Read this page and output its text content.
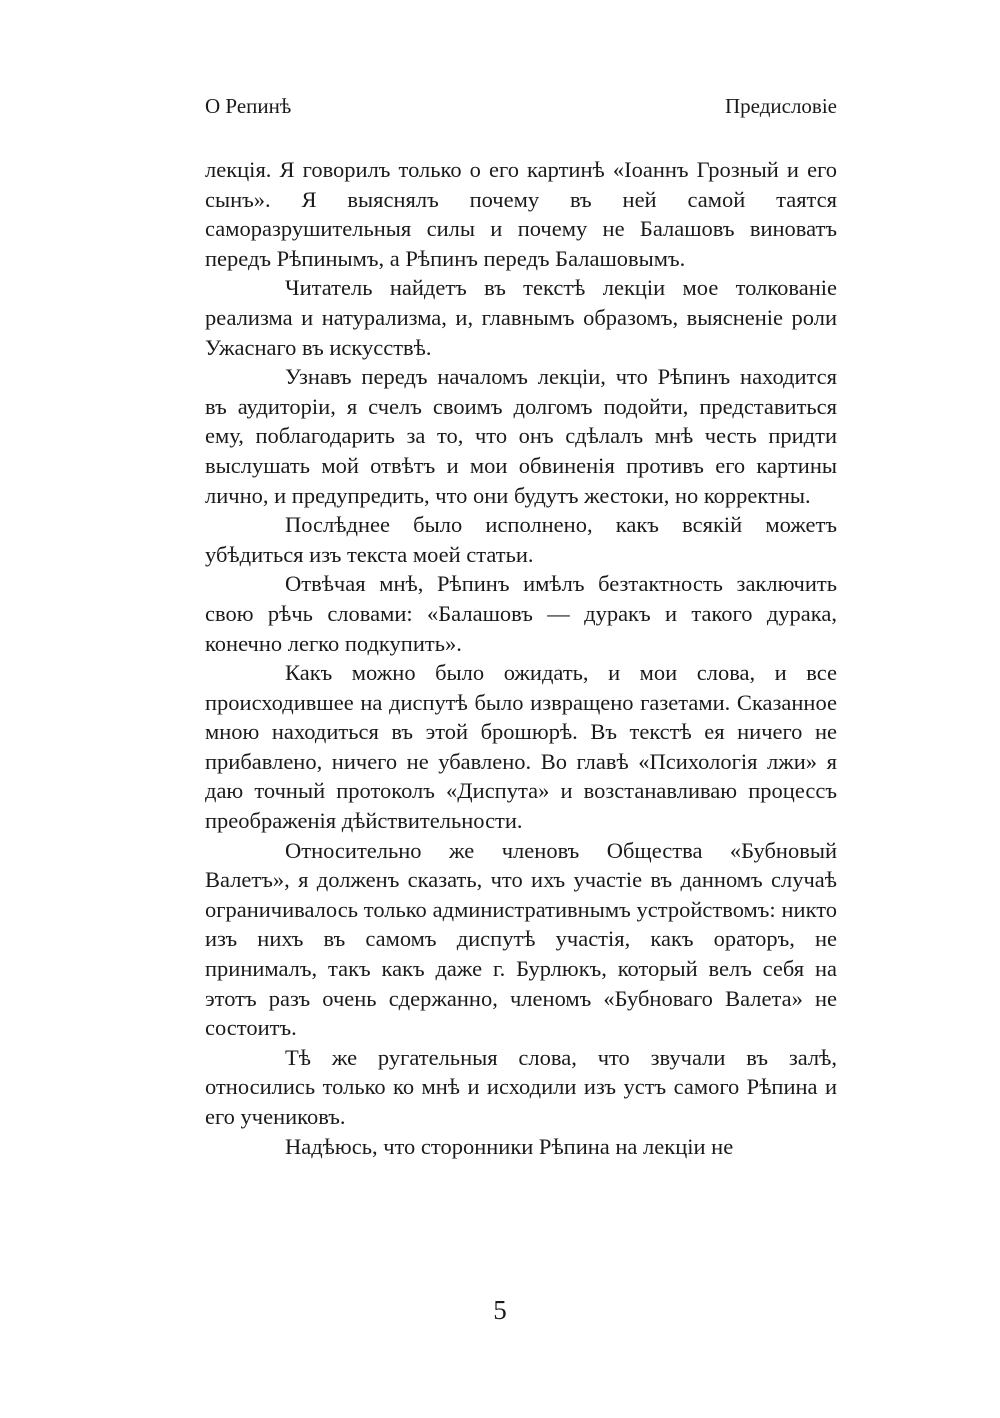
О Репинѣ	Предисловiе

лекцiя. Я говорилъ только о его картинѣ «Iоаннъ Грозный и его сынъ». Я выяснялъ почему въ ней самой таятся саморазрушительныя силы и почему не Балашовъ виноватъ передъ Рѣпинымъ, а Рѣпинъ передъ Балашовымъ.

Читатель найдетъ въ текстѣ лекцiи мое толкованiе реализма и натурализма, и, главнымъ образомъ, выясненiе роли Ужаснаго въ искусствѣ.

Узнавъ передъ началомъ лекцiи, что Рѣпинъ находится въ аудиторiи, я счелъ своимъ долгомъ подойти, представиться ему, поблагодарить за то, что онъ сдѣлалъ мнѣ честь придти выслушать мой отвѣтъ и мои обвиненiя противъ его картины лично, и предупредить, что они будутъ жестоки, но корректны.

Послѣднее было исполнено, какъ всякiй можетъ убѣдиться изъ текста моей статьи.

Отвѣчая мнѣ, Рѣпинъ имѣлъ безтактность заключить свою рѣчь словами: «Балашовъ — дуракъ и такого дурака, конечно легко подкупить».

Какъ можно было ожидать, и мои слова, и все происходившее на диспутѣ было извращено газетами. Сказанное мною находиться въ этой брошюрѣ. Въ текстѣ ея ничего не прибавлено, ничего не убавлено. Во главѣ «Психологiя лжи» я даю точный протоколъ «Диспута» и возстанавливаю процессъ преображенiя дѣйствительности.

Относительно же членовъ Общества «Бубновый Валетъ», я долженъ сказать, что ихъ участiе въ данномъ случаѣ ограничивалось только административнымъ устройствомъ: никто изъ нихъ въ самомъ диспутѣ участiя, какъ ораторъ, не принималъ, такъ какъ даже г. Бурлюкъ, который велъ себя на этотъ разъ очень сдержанно, членомъ «Бубноваго Валета» не состоитъ.

Тѣ же ругательныя слова, что звучали въ залѣ, относились только ко мнѣ и исходили изъ устъ самого Рѣпина и его учениковъ.

Надѣюсь, что сторонники Рѣпина на лекцiи не

5
